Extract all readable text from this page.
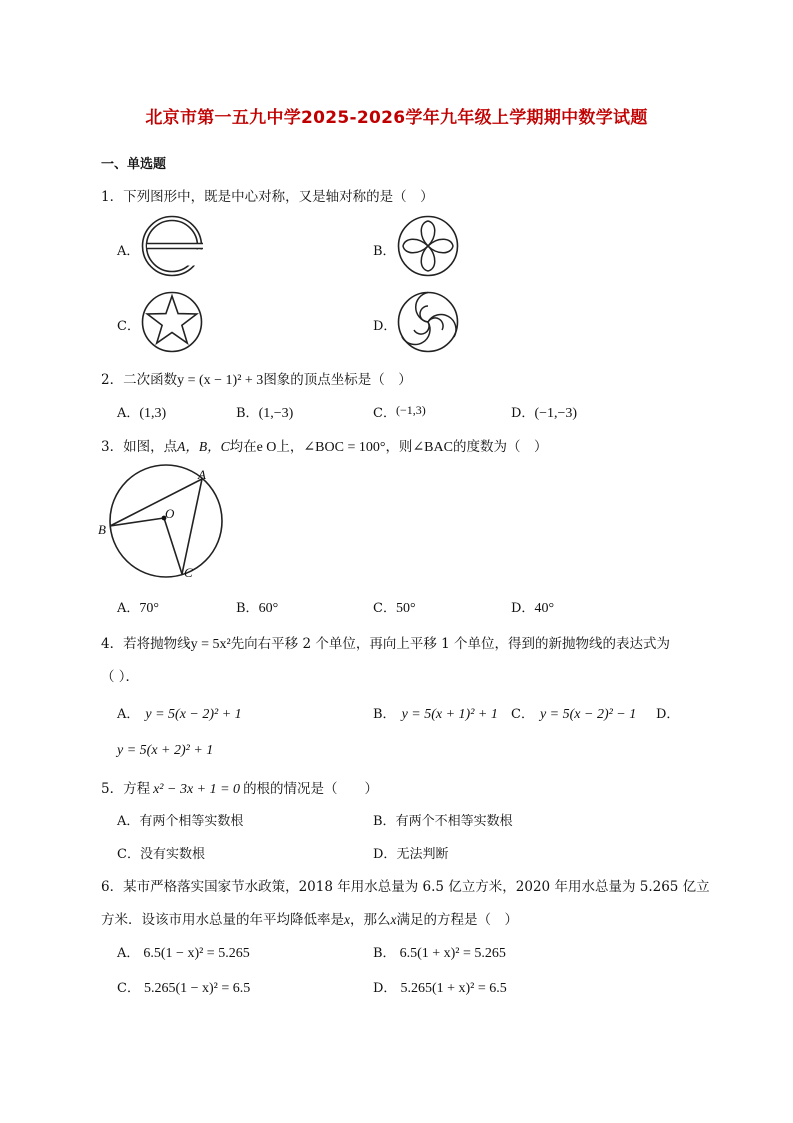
北京市第一五九中学2025-2026学年九年级上学期期中数学试题
一、单选题
1．下列图形中，既是中心对称，又是轴对称的是（　）
A．	B．
C．	D．
2．二次函数y = (x − 1)² + 3图象的顶点坐标是（　）
A．(1,3)	B．(1,−3)	C．(−1,3)	D．(−1,−3)
3．如图，点A，B，C均在e O上，∠BOC = 100°，则∠BAC的度数为（　）
A
B
C
O
A．70°	B．60°	C．50°	D．40°
4．若将抛物线y = 5x²先向右平移 2 个单位，再向上平移 1 个单位，得到的新抛物线的表达式为
（ ）．
A． y = 5(x − 2)² + 1	B． y = 5(x + 1)² + 1 C． y = 5(x − 2)² − 1 D．
y = 5(x + 2)² + 1
5．方程 x² − 3x + 1 = 0 的根的情况是（　　）
A．有两个相等实数根	B．有两个不相等实数根
C．没有实数根	D．无法判断
6．某市严格落实国家节水政策，2018 年用水总量为 6.5 亿立方米，2020 年用水总量为 5.265 亿立
方米．设该市用水总量的年平均降低率是x，那么x满足的方程是（　）
A． 6.5(1 − x)² = 5.265	B． 6.5(1 + x)² = 5.265
C． 5.265(1 − x)² = 6.5	D． 5.265(1 + x)² = 6.5
